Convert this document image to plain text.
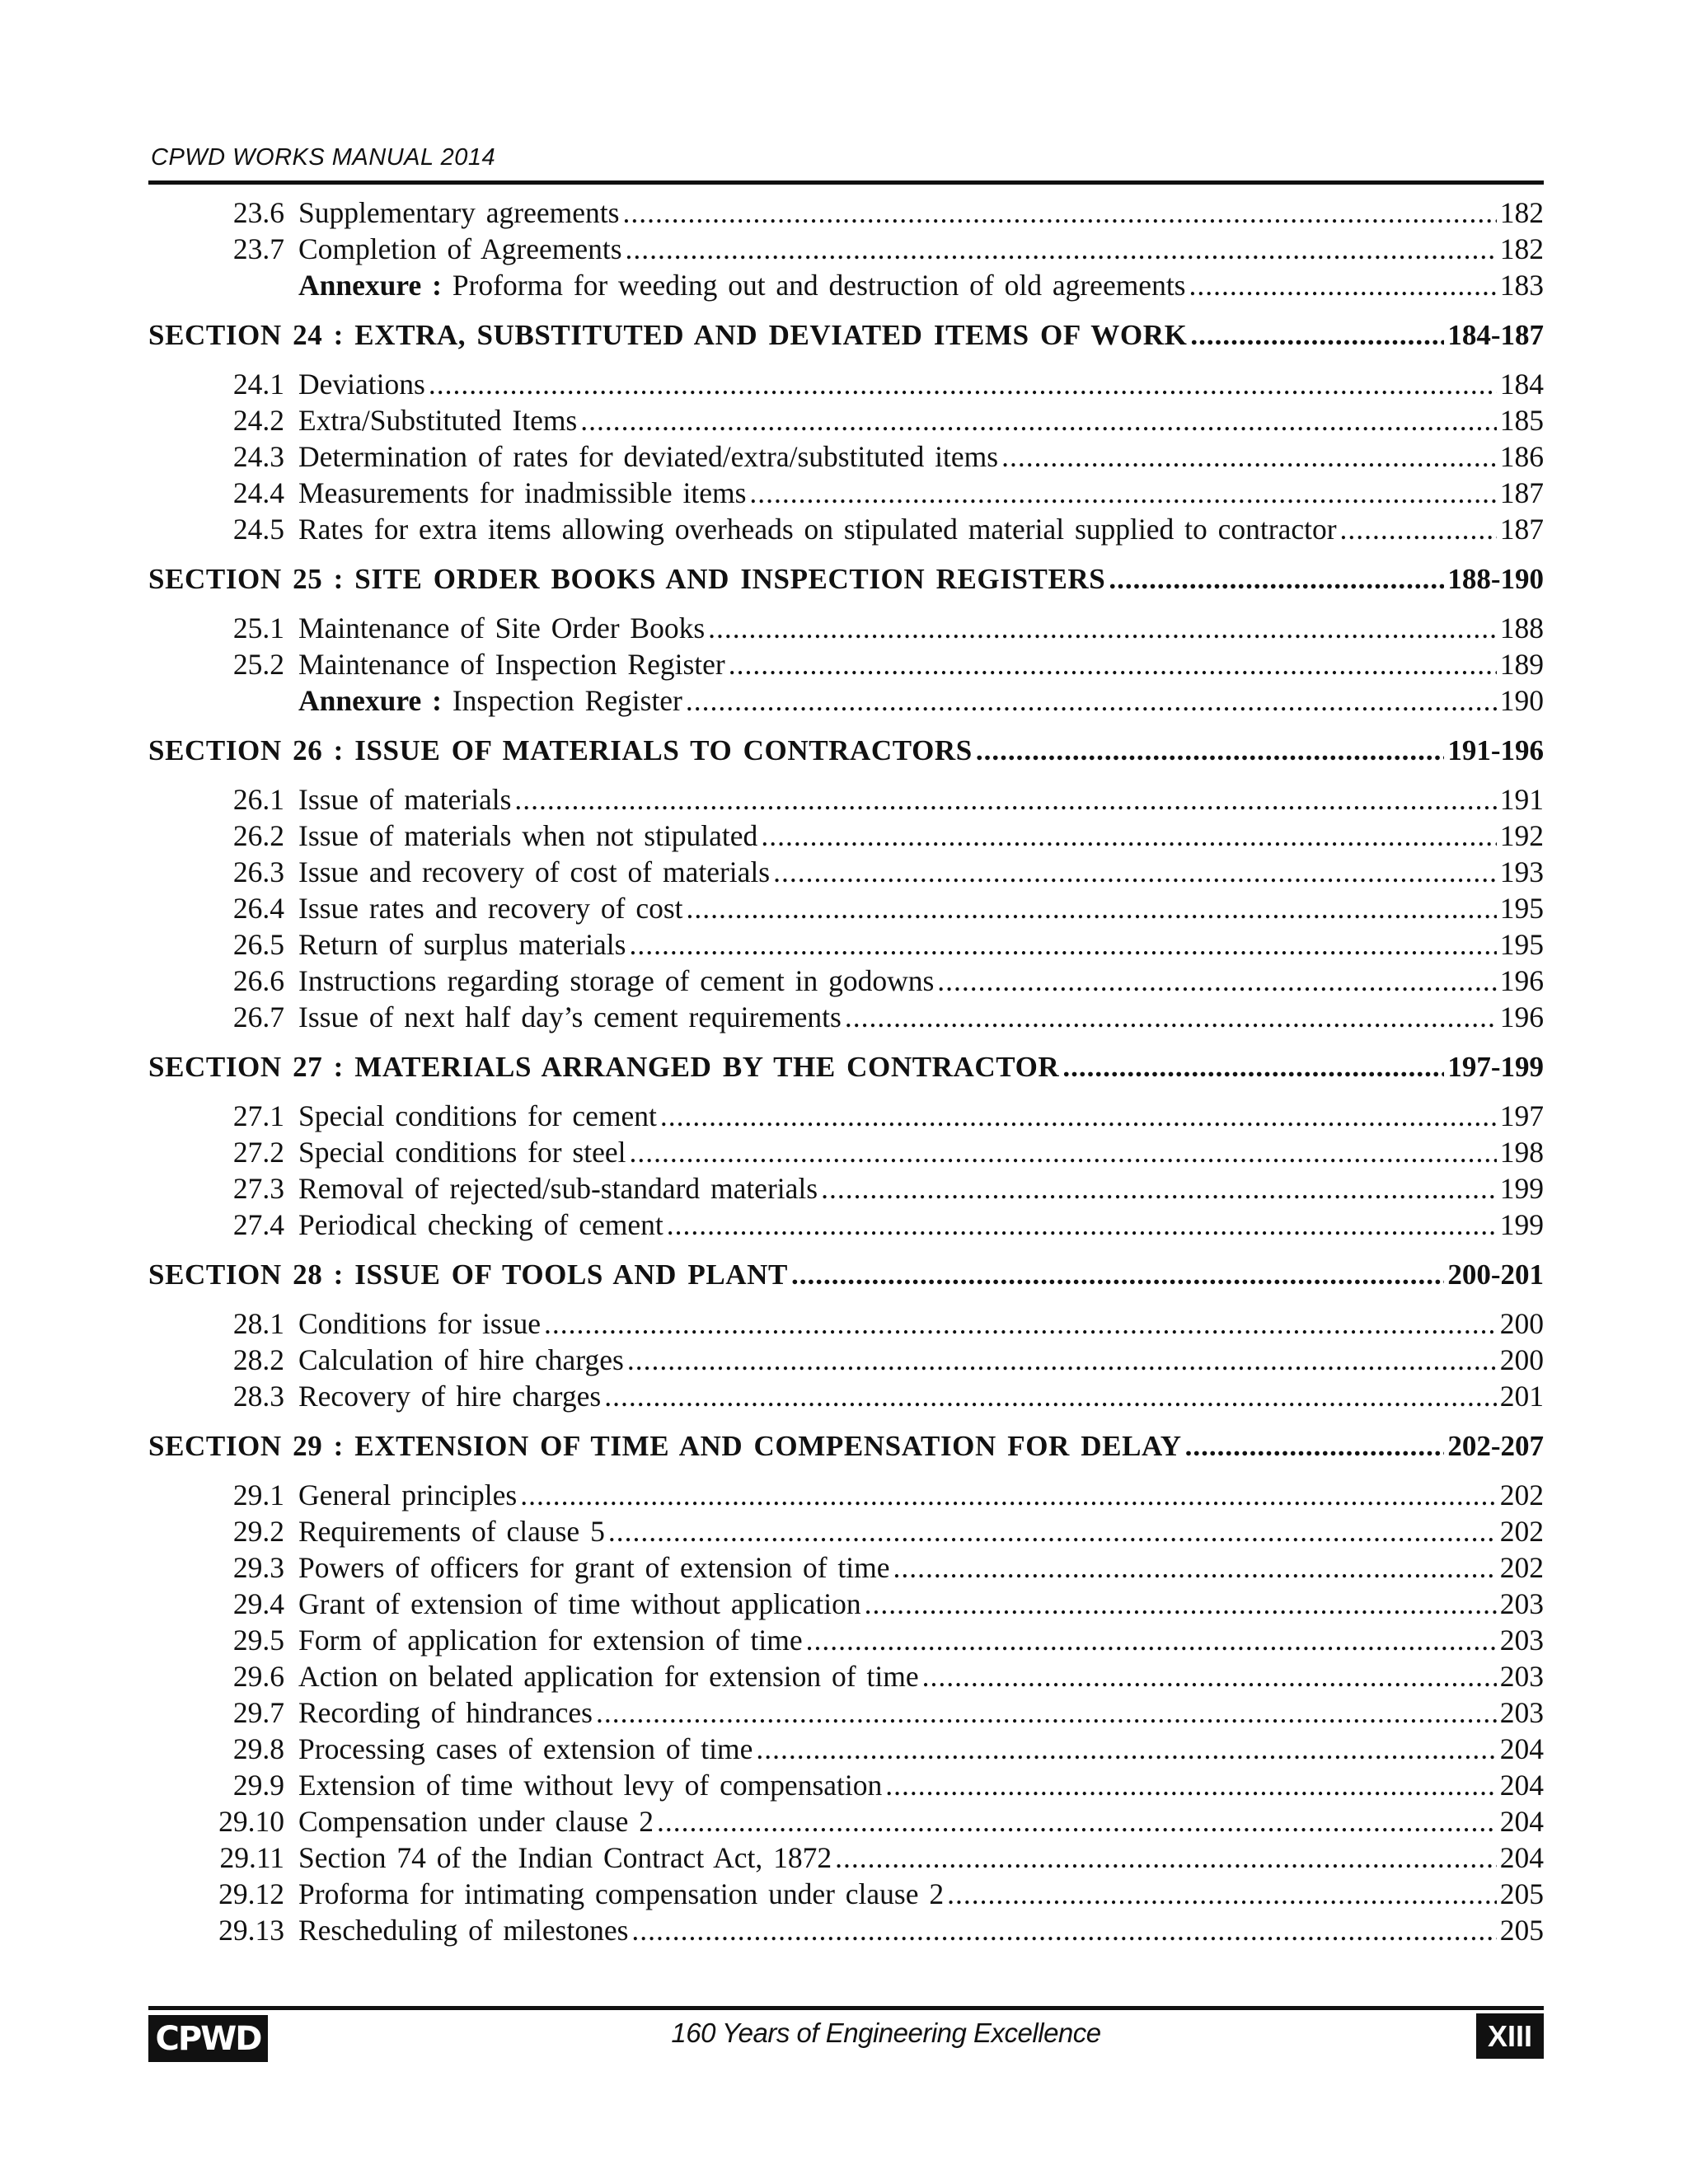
CPWD WORKS MANUAL 2014
23.6 Supplementary agreements .....	182
23.7 Completion of Agreements .....	182
Annexure : Proforma for weeding out and destruction of old agreements .....	183
SECTION 24 : EXTRA, SUBSTITUTED AND DEVIATED ITEMS OF WORK .....	184-187
24.1 Deviations .....	184
24.2 Extra/Substituted Items .....	185
24.3 Determination of rates for deviated/extra/substituted items .....	186
24.4 Measurements for inadmissible items .....	187
24.5 Rates for extra items allowing overheads on stipulated material supplied to contractor .....	187
SECTION 25 : SITE ORDER BOOKS AND INSPECTION REGISTERS .....	188-190
25.1 Maintenance of Site Order Books .....	188
25.2 Maintenance of Inspection Register .....	189
Annexure : Inspection Register .....	190
SECTION 26 : ISSUE OF MATERIALS TO CONTRACTORS .....	191-196
26.1 Issue of materials .....	191
26.2 Issue of materials when not stipulated .....	192
26.3 Issue and recovery of cost of materials .....	193
26.4 Issue rates and recovery of cost .....	195
26.5 Return of surplus materials .....	195
26.6 Instructions regarding storage of cement in godowns .....	196
26.7 Issue of next half day’s cement requirements .....	196
SECTION 27 : MATERIALS ARRANGED BY THE CONTRACTOR .....	197-199
27.1 Special conditions for cement .....	197
27.2 Special conditions for steel .....	198
27.3 Removal of rejected/sub-standard materials .....	199
27.4 Periodical checking of cement .....	199
SECTION 28 : ISSUE OF TOOLS AND PLANT .....	200-201
28.1 Conditions for issue .....	200
28.2 Calculation of hire charges .....	200
28.3 Recovery of hire charges .....	201
SECTION 29 : EXTENSION OF TIME AND COMPENSATION FOR DELAY .....	202-207
29.1 General principles .....	202
29.2 Requirements of clause 5 .....	202
29.3 Powers of officers for grant of extension of time .....	202
29.4 Grant of extension of time without application .....	203
29.5 Form of application for extension of time .....	203
29.6 Action on belated application for extension of time .....	203
29.7 Recording of hindrances .....	203
29.8 Processing cases of extension of time .....	204
29.9 Extension of time without levy of compensation .....	204
29.10 Compensation under clause 2 .....	204
29.11 Section 74 of the Indian Contract Act, 1872 .....	204
29.12 Proforma for intimating compensation under clause 2 .....	205
29.13 Rescheduling of milestones .....	205
CPWD	160 Years of Engineering Excellence	XIII
